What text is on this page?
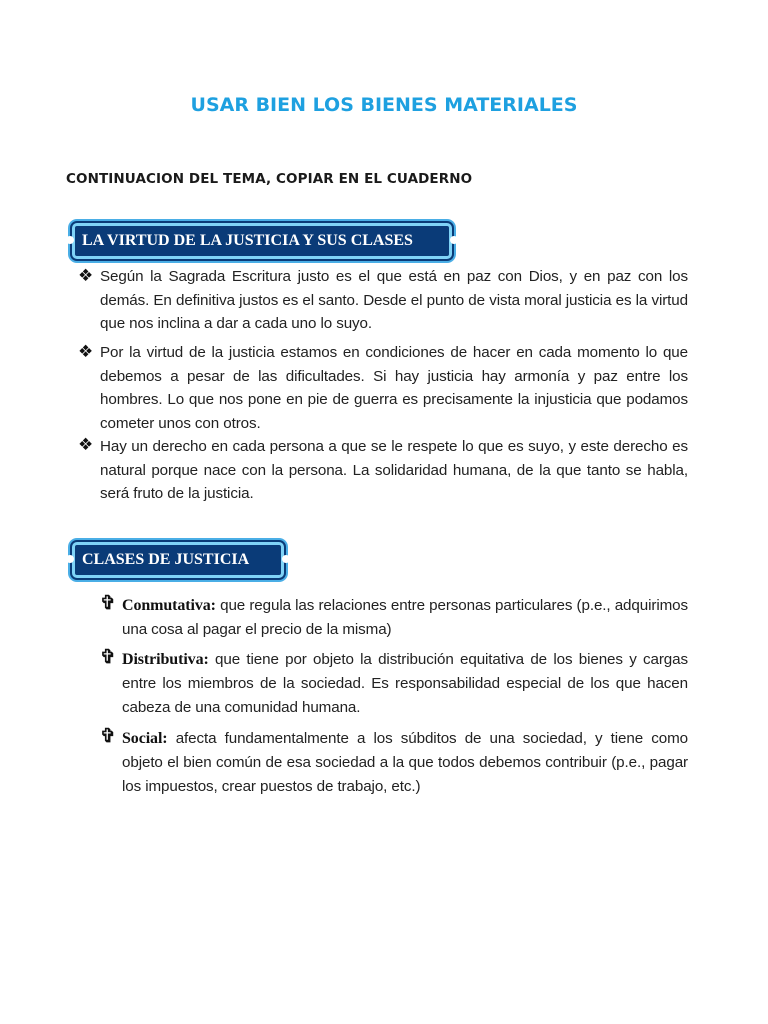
USAR BIEN LOS BIENES MATERIALES
CONTINUACION DEL TEMA, COPIAR EN EL CUADERNO
LA VIRTUD DE LA JUSTICIA Y SUS CLASES
❖ Según la Sagrada Escritura justo es el que está en paz con Dios, y en paz con los demás. En definitiva justos es el santo. Desde el punto de vista moral justicia es la virtud que nos inclina a dar a cada uno lo suyo.
❖ Por la virtud de la justicia estamos en condiciones de hacer en cada momento lo que debemos a pesar de las dificultades. Si hay justicia hay armonía y paz entre los hombres. Lo que nos pone en pie de guerra es precisamente la injusticia que podamos cometer unos con otros.
❖ Hay un derecho en cada persona a que se le respete lo que es suyo, y este derecho es natural porque nace con la persona. La solidaridad humana, de la que tanto se habla, será fruto de la justicia.
CLASES DE JUSTICIA
✞ Conmutativa: que regula las relaciones entre personas particulares (p.e., adquirimos una cosa al pagar el precio de la misma)
✞ Distributiva: que tiene por objeto la distribución equitativa de los bienes y cargas entre los miembros de la sociedad. Es responsabilidad especial de los que hacen cabeza de una comunidad humana.
✞ Social: afecta fundamentalmente a los súbditos de una sociedad, y tiene como objeto el bien común de esa sociedad a la que todos debemos contribuir (p.e., pagar los impuestos, crear puestos de trabajo, etc.)
